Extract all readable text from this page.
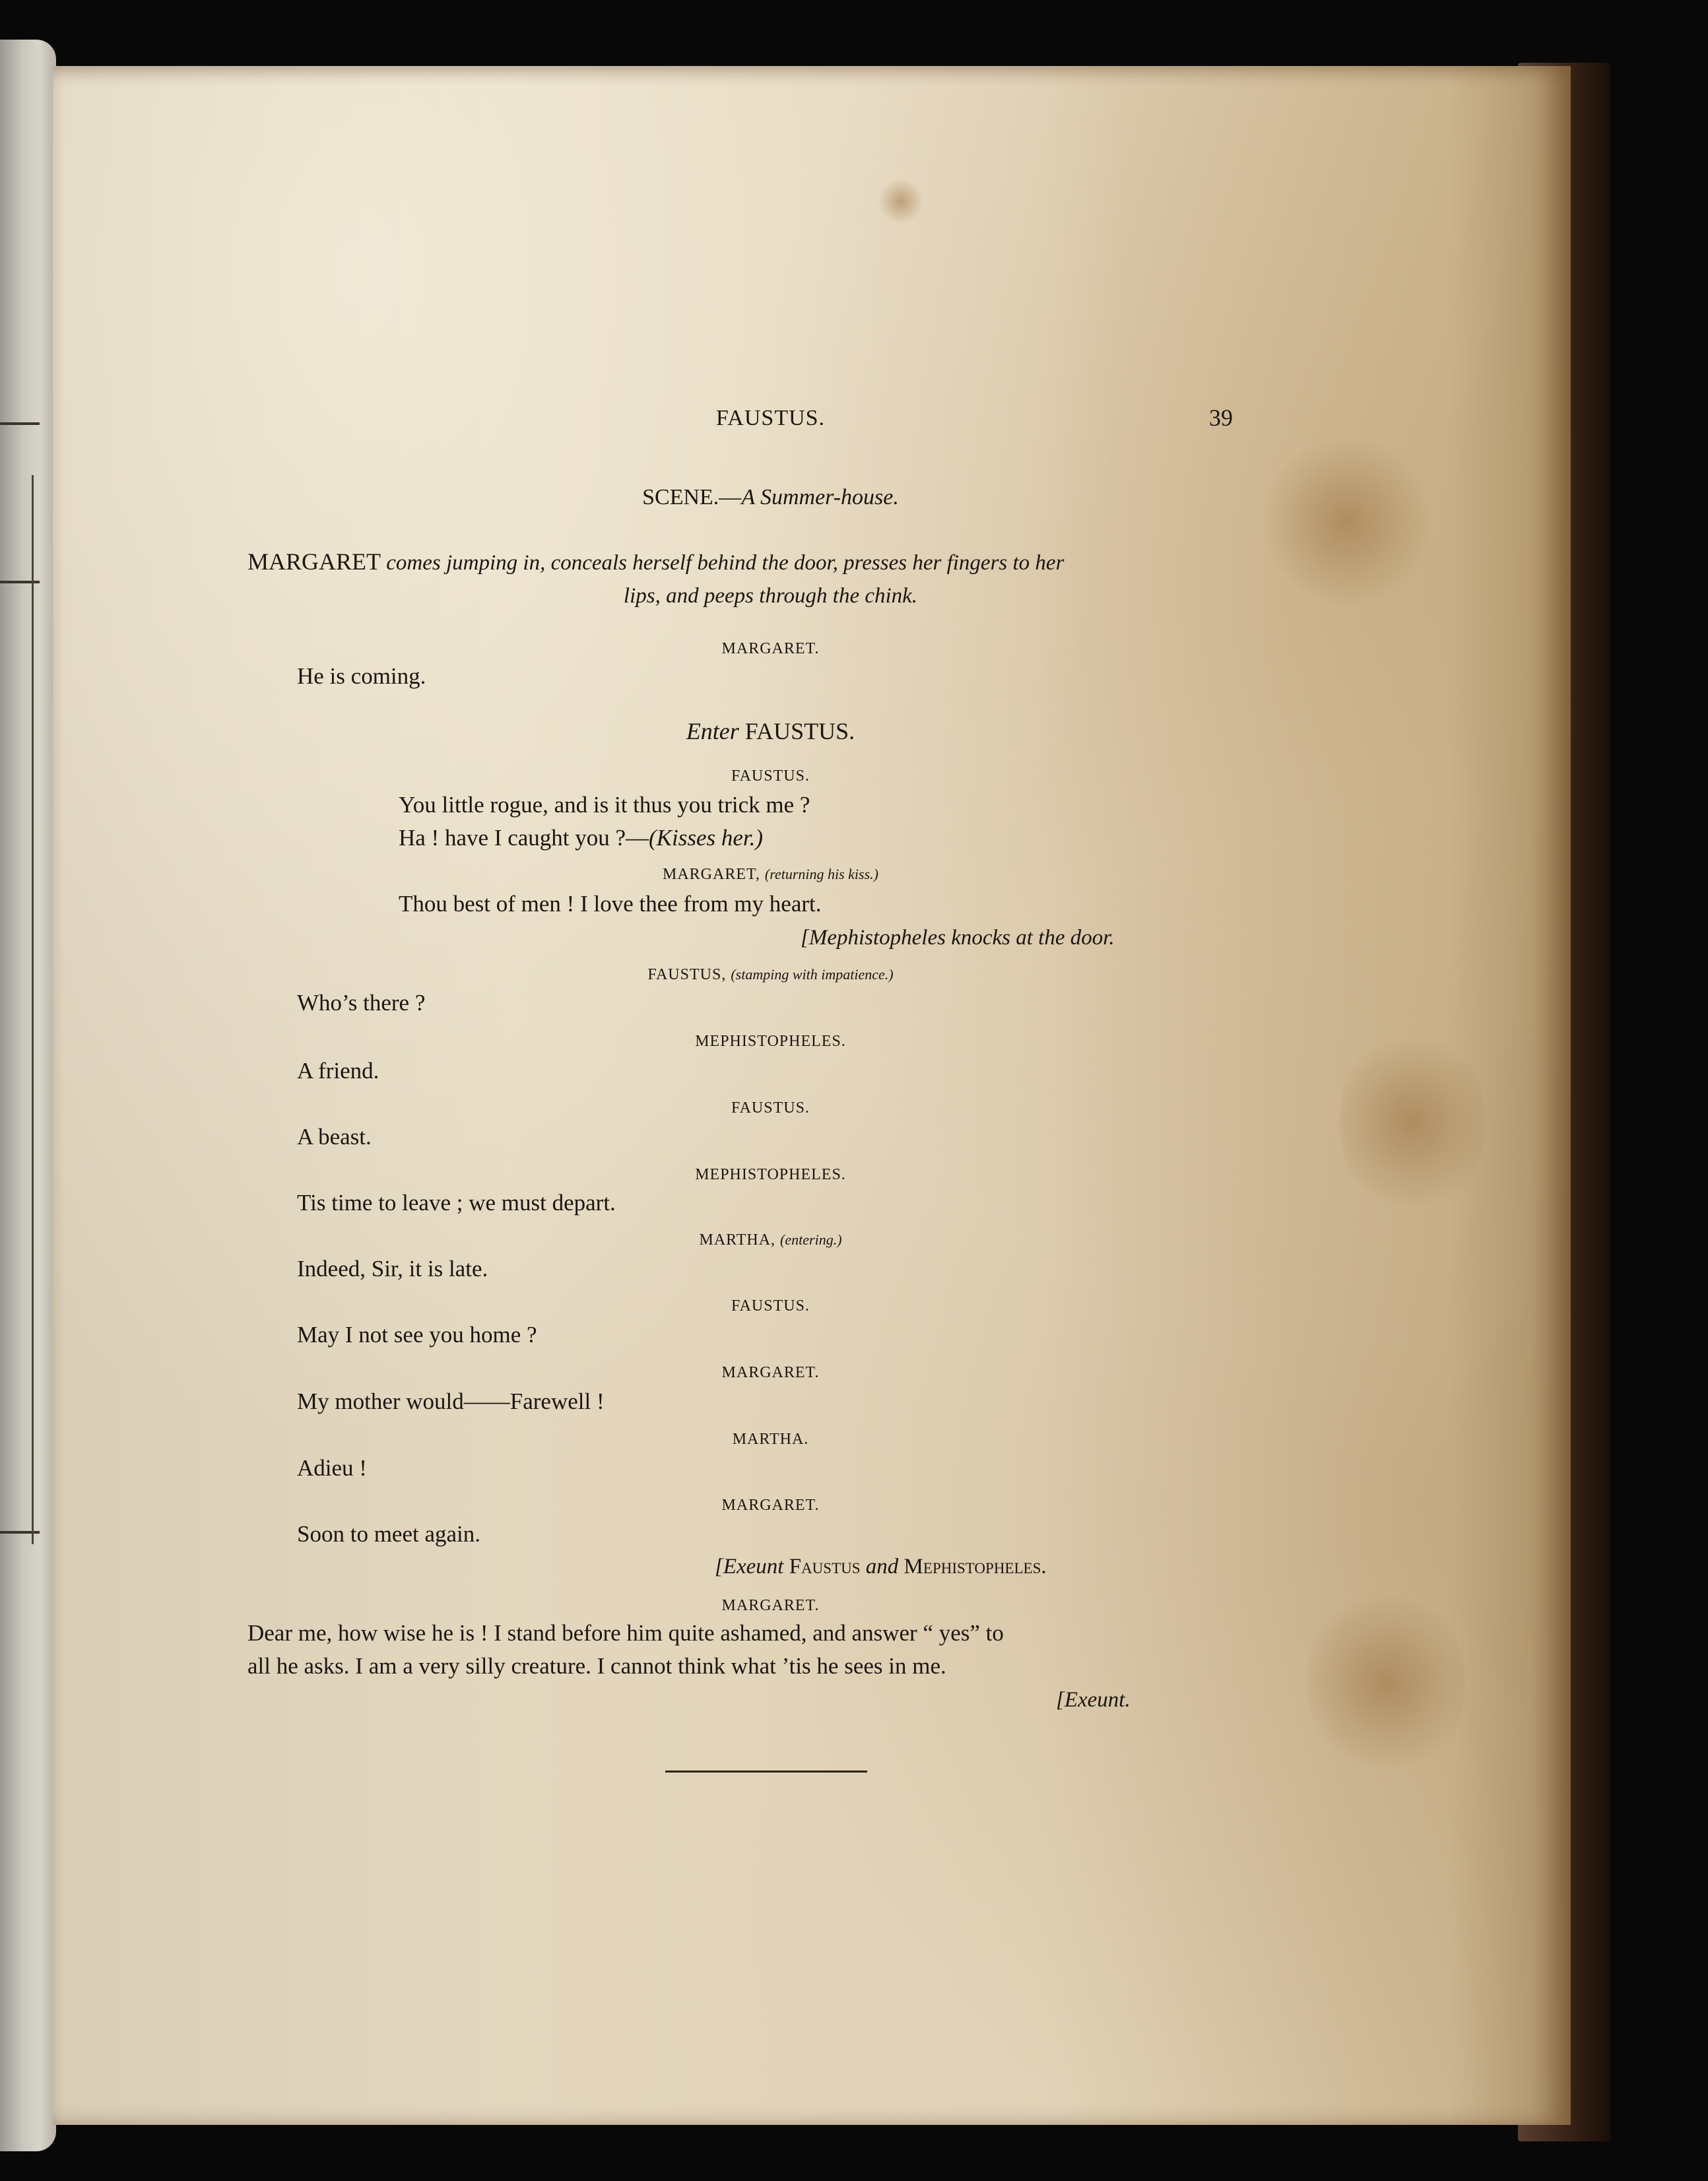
FAUSTUS.	39
SCENE.—A Summer-house.
MARGARET comes jumping in, conceals herself behind the door, presses her fingers to her
lips, and peeps through the chink.
MARGARET.
He is coming.
Enter FAUSTUS.
FAUSTUS.
You little rogue, and is it thus you trick me ?
Ha ! have I caught you ?—(Kisses her.)
MARGARET, (returning his kiss.)
Thou best of men ! I love thee from my heart.
[Mephistopheles knocks at the door.
FAUSTUS, (stamping with impatience.)
Who’s there ?
MEPHISTOPHELES.
A friend.
FAUSTUS.
A beast.
MEPHISTOPHELES.
Tis time to leave ; we must depart.
MARTHA, (entering.)
Indeed, Sir, it is late.
FAUSTUS.
May I not see you home ?
MARGARET.
My mother would——Farewell !
MARTHA.
Adieu !
MARGARET.
Soon to meet again.
[Exeunt Faustus and Mephistopheles.
MARGARET.
Dear me, how wise he is ! I stand before him quite ashamed, and answer “ yes” to
all he asks. I am a very silly creature. I cannot think what ’tis he sees in me.
[Exeunt.
